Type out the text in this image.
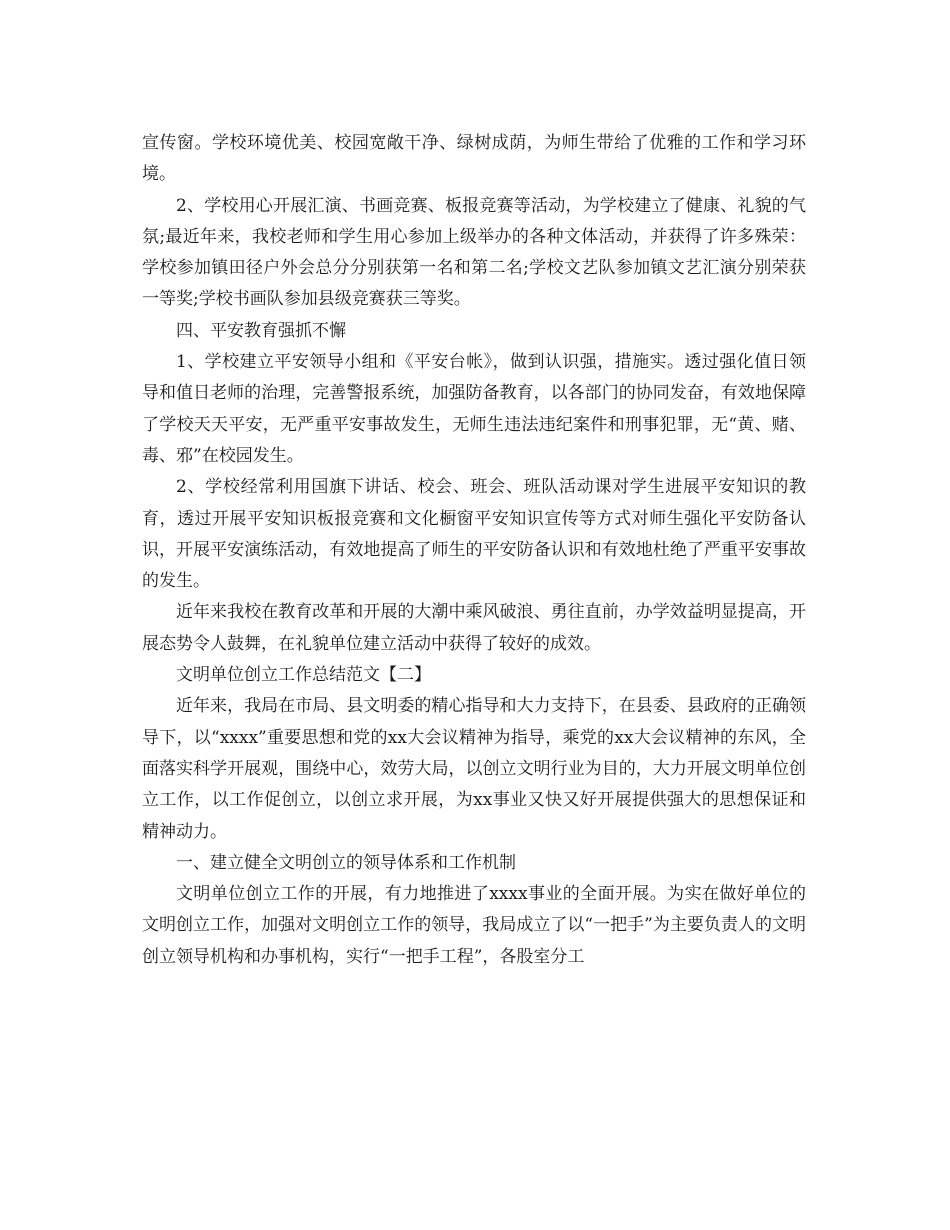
宣传窗。学校环境优美、校园宽敞干净、绿树成荫，为师生带给了优雅的工作和学习环境。

2、学校用心开展汇演、书画竞赛、板报竞赛等活动，为学校建立了健康、礼貌的气氛;最近年来，我校老师和学生用心参加上级举办的各种文体活动，并获得了许多殊荣：学校参加镇田径户外会总分分别获第一名和第二名;学校文艺队参加镇文艺汇演分别荣获一等奖;学校书画队参加县级竞赛获三等奖。

四、平安教育强抓不懈

1、学校建立平安领导小组和《平安台帐》，做到认识强，措施实。透过强化值日领导和值日老师的治理，完善警报系统，加强防备教育，以各部门的协同发奋，有效地保障了学校天天平安，无严重平安事故发生，无师生违法违纪案件和刑事犯罪，无“黄、赌、毒、邪”在校园发生。

2、学校经常利用国旗下讲话、校会、班会、班队活动课对学生进展平安知识的教育，透过开展平安知识板报竞赛和文化橱窗平安知识宣传等方式对师生强化平安防备认识，开展平安演练活动，有效地提高了师生的平安防备认识和有效地杜绝了严重平安事故的发生。

近年来我校在教育改革和开展的大潮中乘风破浪、勇往直前，办学效益明显提高，开展态势令人鼓舞，在礼貌单位建立活动中获得了较好的成效。

文明单位创立工作总结范文【二】

近年来，我局在市局、县文明委的精心指导和大力支持下，在县委、县政府的正确领导下，以“xxxx”重要思想和党的xx大会议精神为指导，乘党的xx大会议精神的东风，全面落实科学开展观，围绕中心，效劳大局，以创立文明行业为目的，大力开展文明单位创立工作，以工作促创立，以创立求开展，为xx事业又快又好开展提供强大的思想保证和精神动力。

一、建立健全文明创立的领导体系和工作机制

文明单位创立工作的开展，有力地推进了xxxx事业的全面开展。为实在做好单位的文明创立工作，加强对文明创立工作的领导，我局成立了以“一把手”为主要负责人的文明创立领导机构和办事机构，实行“一把手工程”，各股室分工
